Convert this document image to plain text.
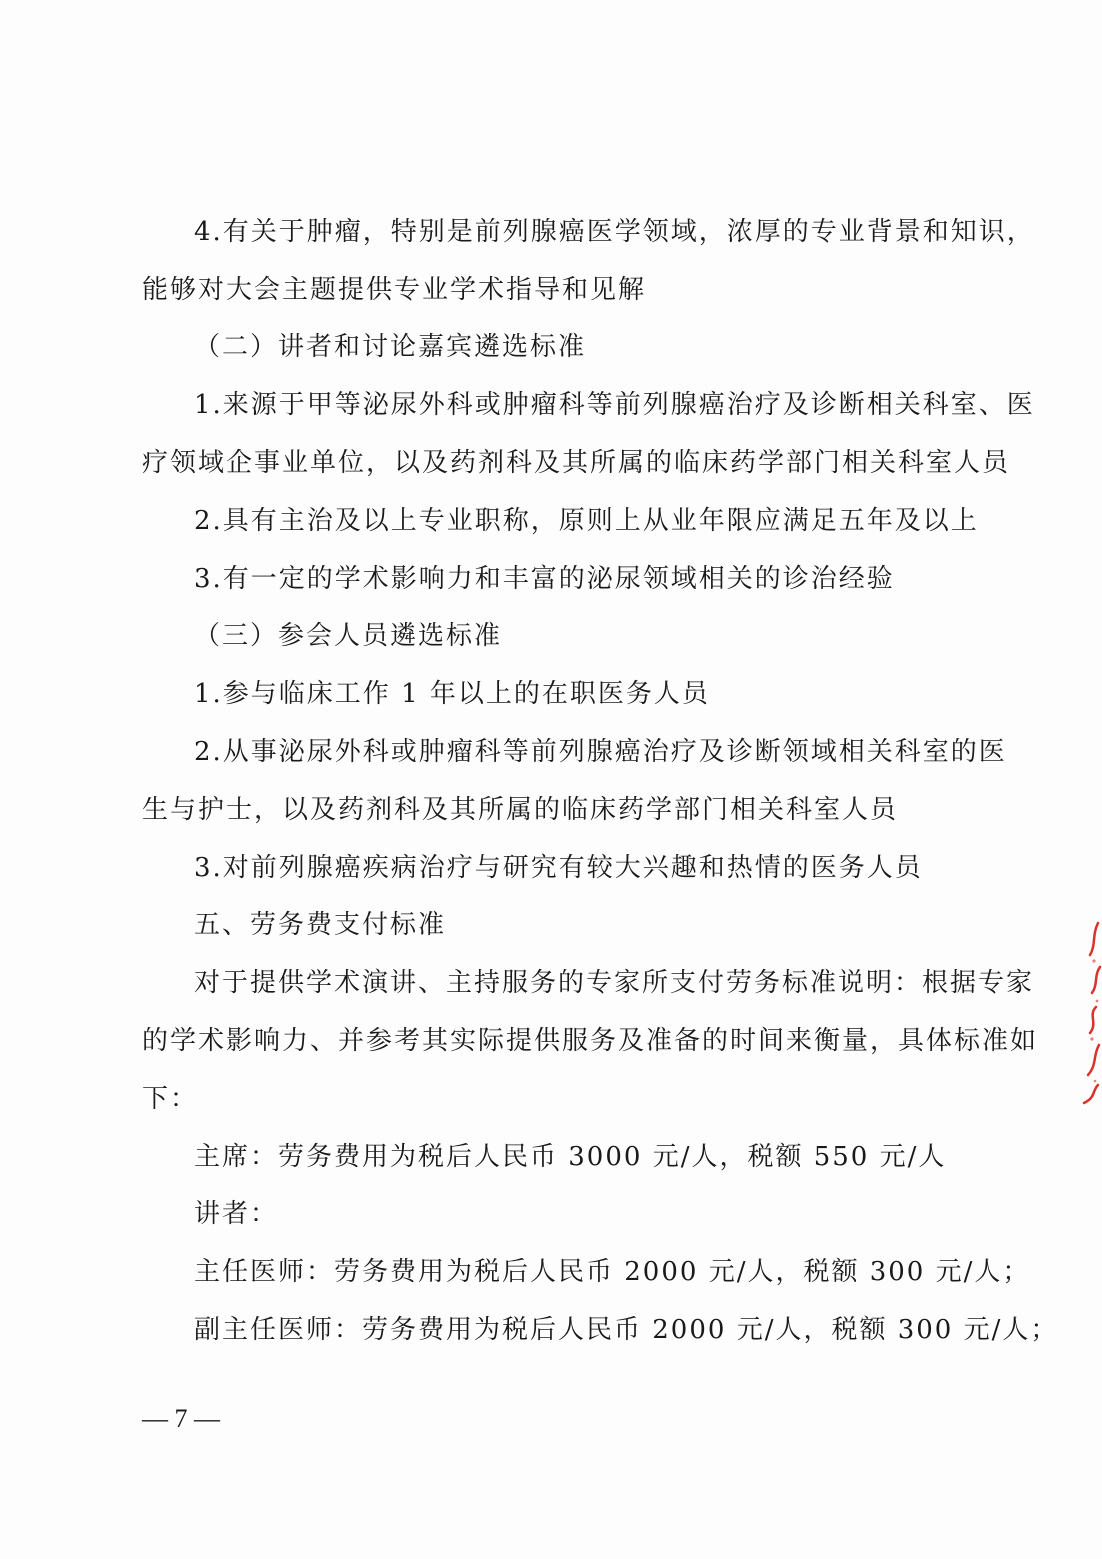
4.有关于肿瘤，特别是前列腺癌医学领域，浓厚的专业背景和知识，
能够对大会主题提供专业学术指导和见解
（二）讲者和讨论嘉宾遴选标准
1.来源于甲等泌尿外科或肿瘤科等前列腺癌治疗及诊断相关科室、医
疗领域企事业单位，以及药剂科及其所属的临床药学部门相关科室人员
2.具有主治及以上专业职称，原则上从业年限应满足五年及以上
3.有一定的学术影响力和丰富的泌尿领域相关的诊治经验
（三）参会人员遴选标准
1.参与临床工作 1 年以上的在职医务人员
2.从事泌尿外科或肿瘤科等前列腺癌治疗及诊断领域相关科室的医
生与护士，以及药剂科及其所属的临床药学部门相关科室人员
3.对前列腺癌疾病治疗与研究有较大兴趣和热情的医务人员
五、劳务费支付标准
对于提供学术演讲、主持服务的专家所支付劳务标准说明：根据专家
的学术影响力、并参考其实际提供服务及准备的时间来衡量，具体标准如
下：
主席：劳务费用为税后人民币 3000 元/人，税额 550 元/人
讲者：
主任医师：劳务费用为税后人民币 2000 元/人，税额 300 元/人；
副主任医师：劳务费用为税后人民币 2000 元/人，税额 300 元/人；
— 7 —
